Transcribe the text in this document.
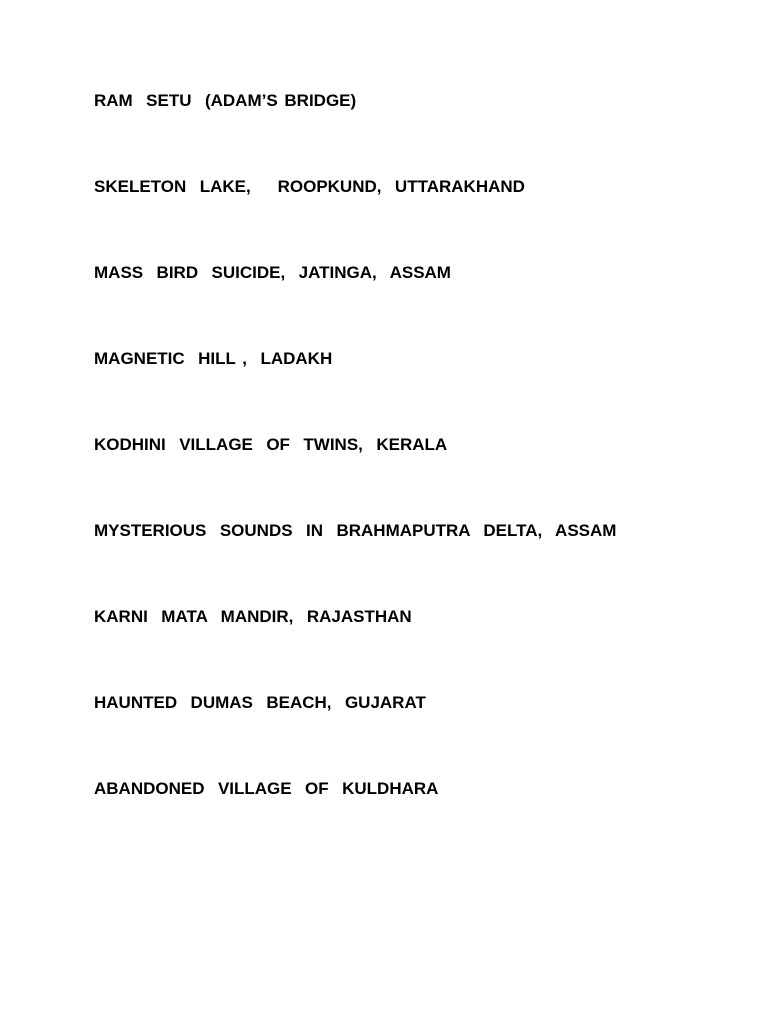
RAM  SETU  (ADAM’S BRIDGE)
SKELETON  LAKE,    ROOPKUND,  UTTARAKHAND
MASS  BIRD  SUICIDE,  JATINGA,  ASSAM
MAGNETIC  HILL ,  LADAKH
KODHINI  VILLAGE  OF  TWINS,  KERALA
MYSTERIOUS  SOUNDS  IN  BRAHMAPUTRA  DELTA,  ASSAM
KARNI  MATA  MANDIR,  RAJASTHAN
HAUNTED  DUMAS  BEACH,  GUJARAT
ABANDONED  VILLAGE  OF  KULDHARA
